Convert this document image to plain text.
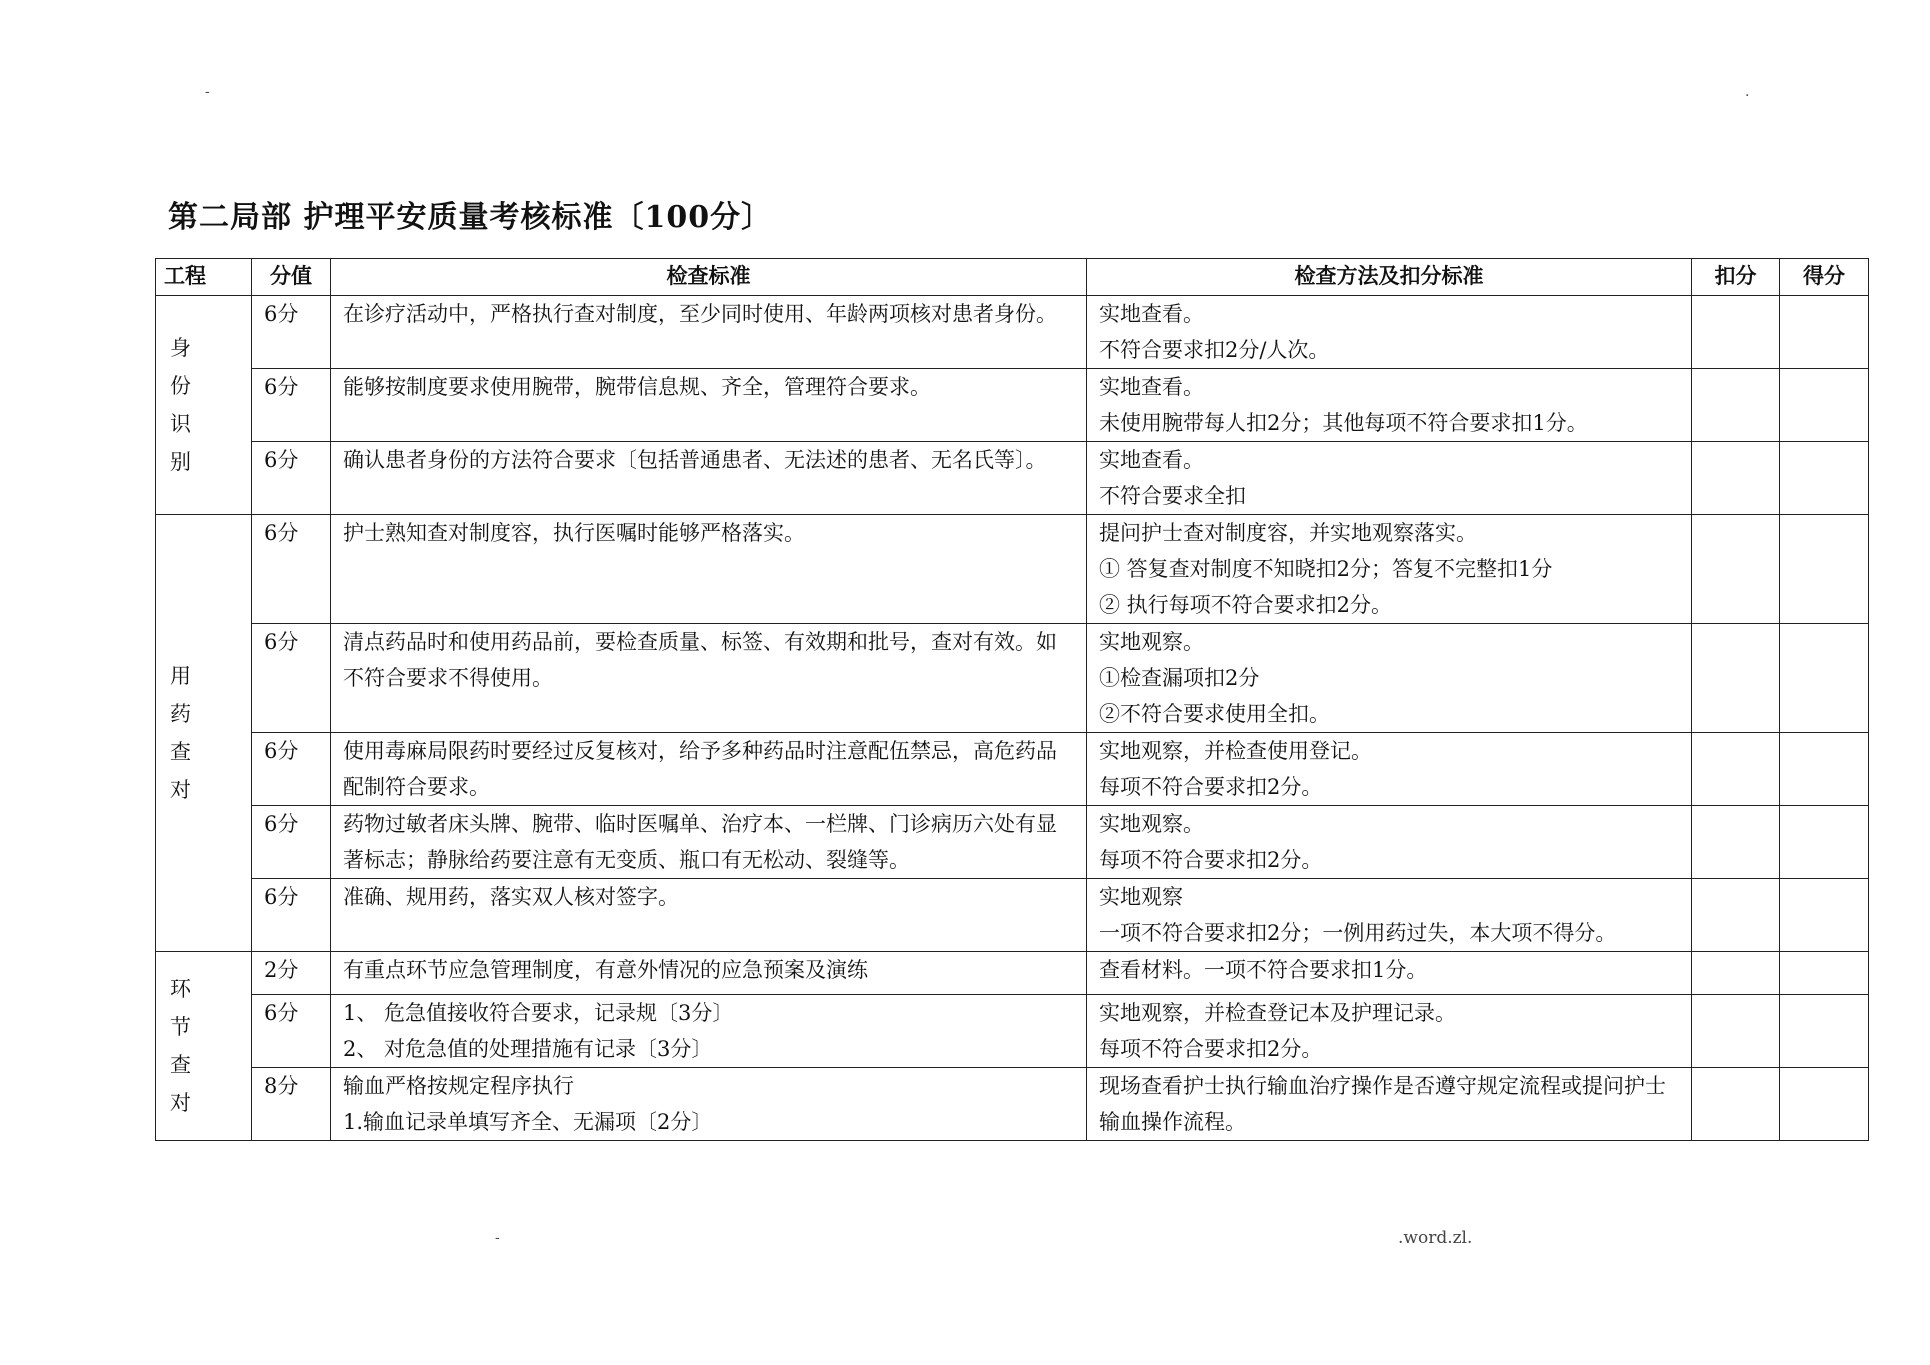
-	.
第二局部 护理平安质量考核标准〔100分〕
工程	分值	检查标准	检查方法及扣分标准	扣分	得分

身 份
识 别	6分	在诊疗活动中，严格执行查对制度，至少同时使用、年龄两项核对患者身份。	实地查看。
不符合要求扣2分/人次。		

	6分	能够按制度要求使用腕带，腕带信息规、齐全，管理符合要求。	实地查看。
未使用腕带每人扣2分；其他每项不符合要求扣1分。		

	6分	确认患者身份的方法符合要求〔包括普通患者、无法述的患者、无名氏等〕。	实地查看。
不符合要求全扣		

用 药
查 对	6分	护士熟知查对制度容，执行医嘱时能够严格落实。	提问护士查对制度容，并实地观察落实。
① 答复查对制度不知晓扣2分；答复不完整扣1分
② 执行每项不符合要求扣2分。		

	6分	清点药品时和使用药品前，要检查质量、标签、有效期和批号，查对有效。如不符合要求不得使用。	实地观察。
①检查漏项扣2分
②不符合要求使用全扣。		

	6分	使用毒麻局限药时要经过反复核对，给予多种药品时注意配伍禁忌，高危药品配制符合要求。	实地观察，并检查使用登记。
每项不符合要求扣2分。		

	6分	药物过敏者床头牌、腕带、临时医嘱单、治疗本、一栏牌、门诊病历六处有显著标志；静脉给药要注意有无变质、瓶口有无松动、裂缝等。	实地观察。
每项不符合要求扣2分。		

	6分	准确、规用药，落实双人核对签字。	实地观察
一项不符合要求扣2分；一例用药过失，本大项不得分。		

环 节
查 对	2分	有重点环节应急管理制度，有意外情况的应急预案及演练	查看材料。一项不符合要求扣1分。		

	6分	1、 危急值接收符合要求，记录规〔3分〕
2、 对危急值的处理措施有记录〔3分〕	实地观察，并检查登记本及护理记录。
每项不符合要求扣2分。		

	8分	输血严格按规定程序执行
1.输血记录单填写齐全、无漏项〔2分〕	现场查看护士执行输血治疗操作是否遵守规定流程或提问护士输血操作流程。		

-	.word.zl.
